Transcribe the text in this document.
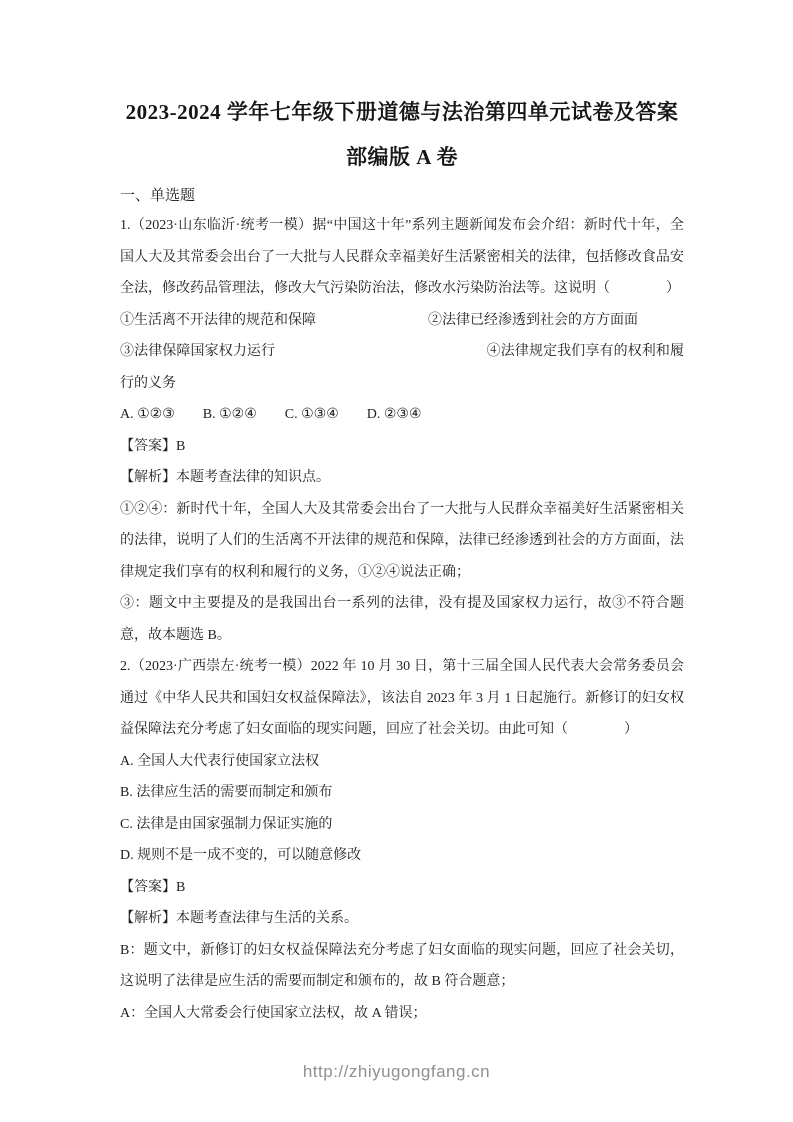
2023-2024 学年七年级下册道德与法治第四单元试卷及答案
部编版 A 卷
一、单选题
1.（2023·山东临沂·统考一模）据“中国这十年”系列主题新闻发布会介绍：新时代十年，全国人大及其常委会出台了一大批与人民群众幸福美好生活紧密相关的法律，包括修改食品安全法，修改药品管理法，修改大气污染防治法，修改水污染防治法等。这说明（　　　　）
①生活离不开法律的规范和保障　　　　　　　　②法律已经渗透到社会的方方面面
③法律保障国家权力运行　　　　　　　　　　　　　　　④法律规定我们享有的权利和履行的义务
A. ①②③　　B. ①②④　　C. ①③④　　D. ②③④
【答案】B
【解析】本题考查法律的知识点。
①②④：新时代十年，全国人大及其常委会出台了一大批与人民群众幸福美好生活紧密相关的法律，说明了人们的生活离不开法律的规范和保障，法律已经渗透到社会的方方面面，法律规定我们享有的权利和履行的义务，①②④说法正确；
③：题文中主要提及的是我国出台一系列的法律，没有提及国家权力运行，故③不符合题意，故本题选 B。
2.（2023·广西崇左·统考一模）2022 年 10 月 30 日，第十三届全国人民代表大会常务委员会通过《中华人民共和国妇女权益保障法》，该法自 2023 年 3 月 1 日起施行。新修订的妇女权益保障法充分考虑了妇女面临的现实问题，回应了社会关切。由此可知（　　　　）
A. 全国人大代表行使国家立法权
B. 法律应生活的需要而制定和颁布
C. 法律是由国家强制力保证实施的
D. 规则不是一成不变的，可以随意修改
【答案】B
【解析】本题考查法律与生活的关系。
B：题文中，新修订的妇女权益保障法充分考虑了妇女面临的现实问题，回应了社会关切，这说明了法律是应生活的需要而制定和颁布的，故 B 符合题意；
A：全国人大常委会行使国家立法权，故 A 错误；
http://zhiyugongfang.cn
